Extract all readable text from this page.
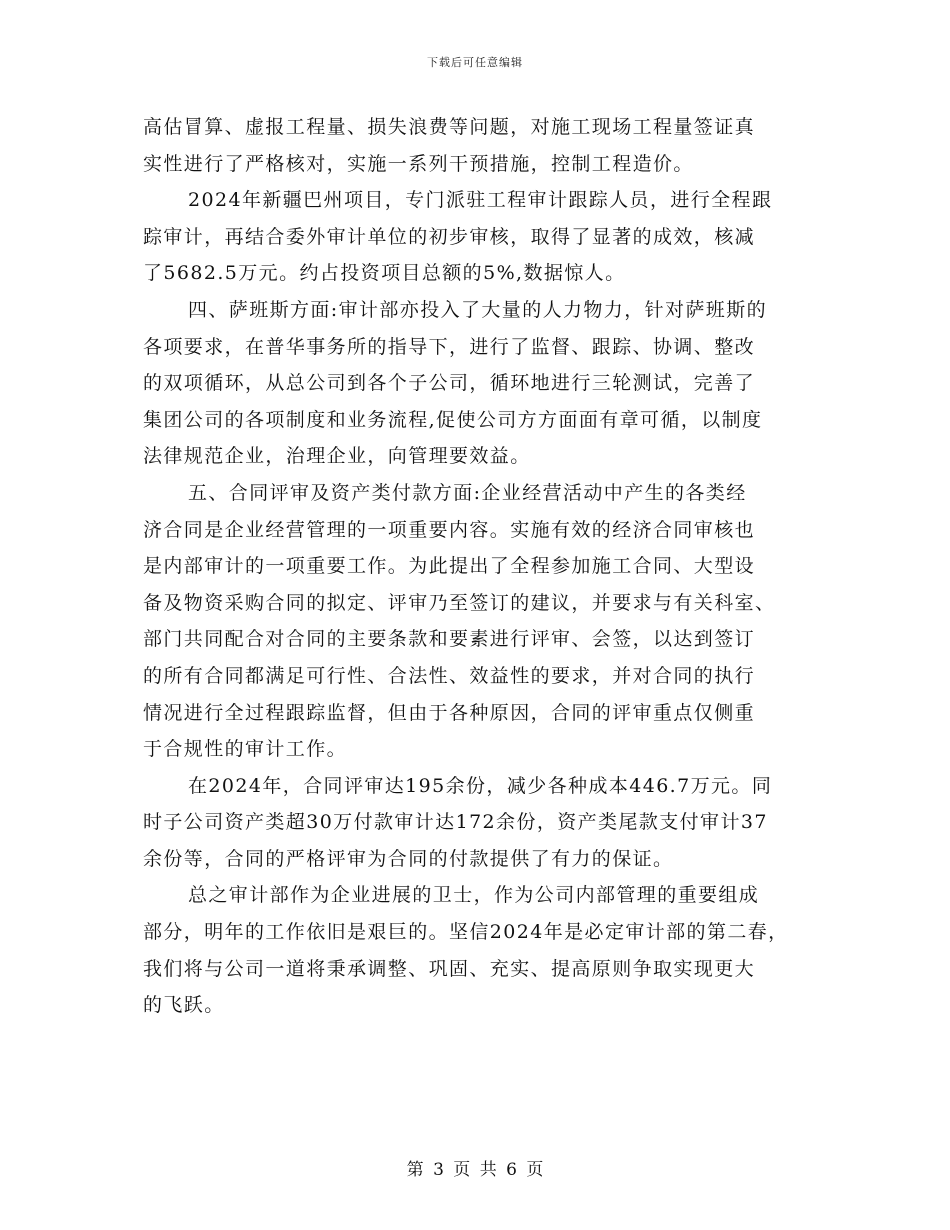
下载后可任意编辑
高估冒算、虚报工程量、损失浪费等问题，对施工现场工程量签证真
实性进行了严格核对，实施一系列干预措施，控制工程造价。
2024年新疆巴州项目，专门派驻工程审计跟踪人员，进行全程跟
踪审计，再结合委外审计单位的初步审核，取得了显著的成效，核减
了5682.5万元。约占投资项目总额的5%,数据惊人。
四、萨班斯方面:审计部亦投入了大量的人力物力，针对萨班斯的
各项要求，在普华事务所的指导下，进行了监督、跟踪、协调、整改
的双项循环，从总公司到各个子公司，循环地进行三轮测试，完善了
集团公司的各项制度和业务流程,促使公司方方面面有章可循，以制度
法律规范企业，治理企业，向管理要效益。
五、合同评审及资产类付款方面:企业经营活动中产生的各类经
济合同是企业经营管理的一项重要内容。实施有效的经济合同审核也
是内部审计的一项重要工作。为此提出了全程参加施工合同、大型设
备及物资采购合同的拟定、评审乃至签订的建议，并要求与有关科室、
部门共同配合对合同的主要条款和要素进行评审、会签，以达到签订
的所有合同都满足可行性、合法性、效益性的要求，并对合同的执行
情况进行全过程跟踪监督，但由于各种原因，合同的评审重点仅侧重
于合规性的审计工作。
在2024年，合同评审达195余份，减少各种成本446.7万元。同
时子公司资产类超30万付款审计达172余份，资产类尾款支付审计37
余份等，合同的严格评审为合同的付款提供了有力的保证。
总之审计部作为企业进展的卫士，作为公司内部管理的重要组成
部分，明年的工作依旧是艰巨的。坚信2024年是必定审计部的第二春，
我们将与公司一道将秉承调整、巩固、充实、提高原则争取实现更大
的飞跃。
第 3 页 共 6 页
